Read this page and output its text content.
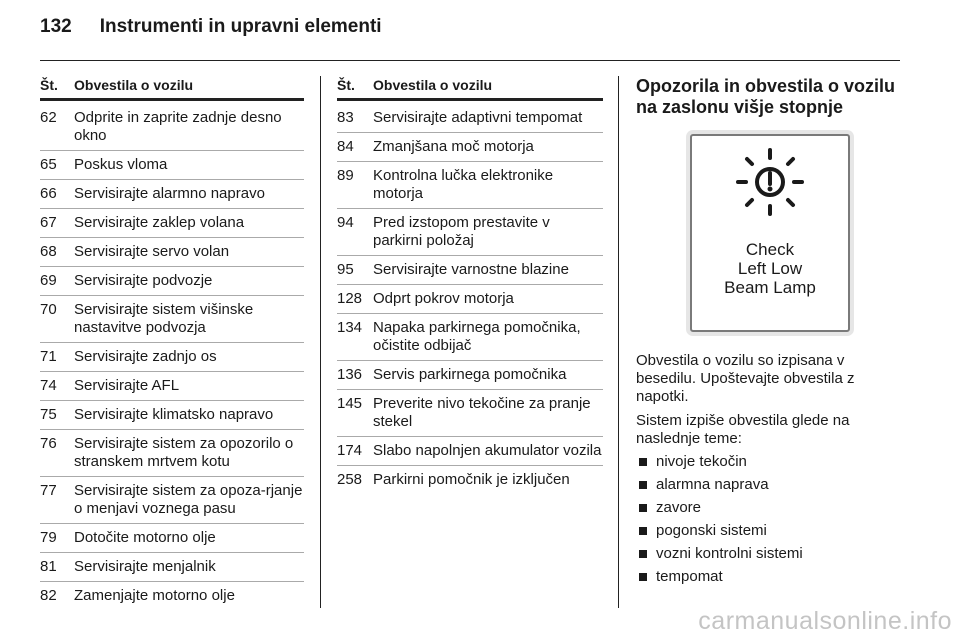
132 Instrumenti in upravni elementi
Št.	Obvestila o vozilu
62	Odprite in zaprite zadnje desno okno
65	Poskus vloma
66	Servisirajte alarmno napravo
67	Servisirajte zaklep volana
68	Servisirajte servo volan
69	Servisirajte podvozje
70	Servisirajte sistem višinske nastavitve podvozja
71	Servisirajte zadnjo os
74	Servisirajte AFL
75	Servisirajte klimatsko napravo
76	Servisirajte sistem za opozorilo o stranskem mrtvem kotu
77	Servisirajte sistem za opoza-rjanje o menjavi voznega pasu
79	Dotočite motorno olje
81	Servisirajte menjalnik
82	Zamenjajte motorno olje
Št.	Obvestila o vozilu
83	Servisirajte adaptivni tempomat
84	Zmanjšana moč motorja
89	Kontrolna lučka elektronike motorja
94	Pred izstopom prestavite v parkirni položaj
95	Servisirajte varnostne blazine
128 Odprt pokrov motorja
134 Napaka parkirnega pomočnika, očistite odbijač
136 Servis parkirnega pomočnika
145 Preverite nivo tekočine za pranje stekel
174 Slabo napolnjen akumulator vozila
258 Parkirni pomočnik je izključen
Opozorila in obvestila o vozilu na zaslonu višje stopnje
Check
Left Low
Beam Lamp
Obvestila o vozilu so izpisana v besedilu. Upoštevajte obvestila z napotki.
Sistem izpiše obvestila glede na naslednje teme:
nivoje tekočin
alarmna naprava
zavore
pogonski sistemi
vozni kontrolni sistemi
tempomat
carmanualsonline.info
